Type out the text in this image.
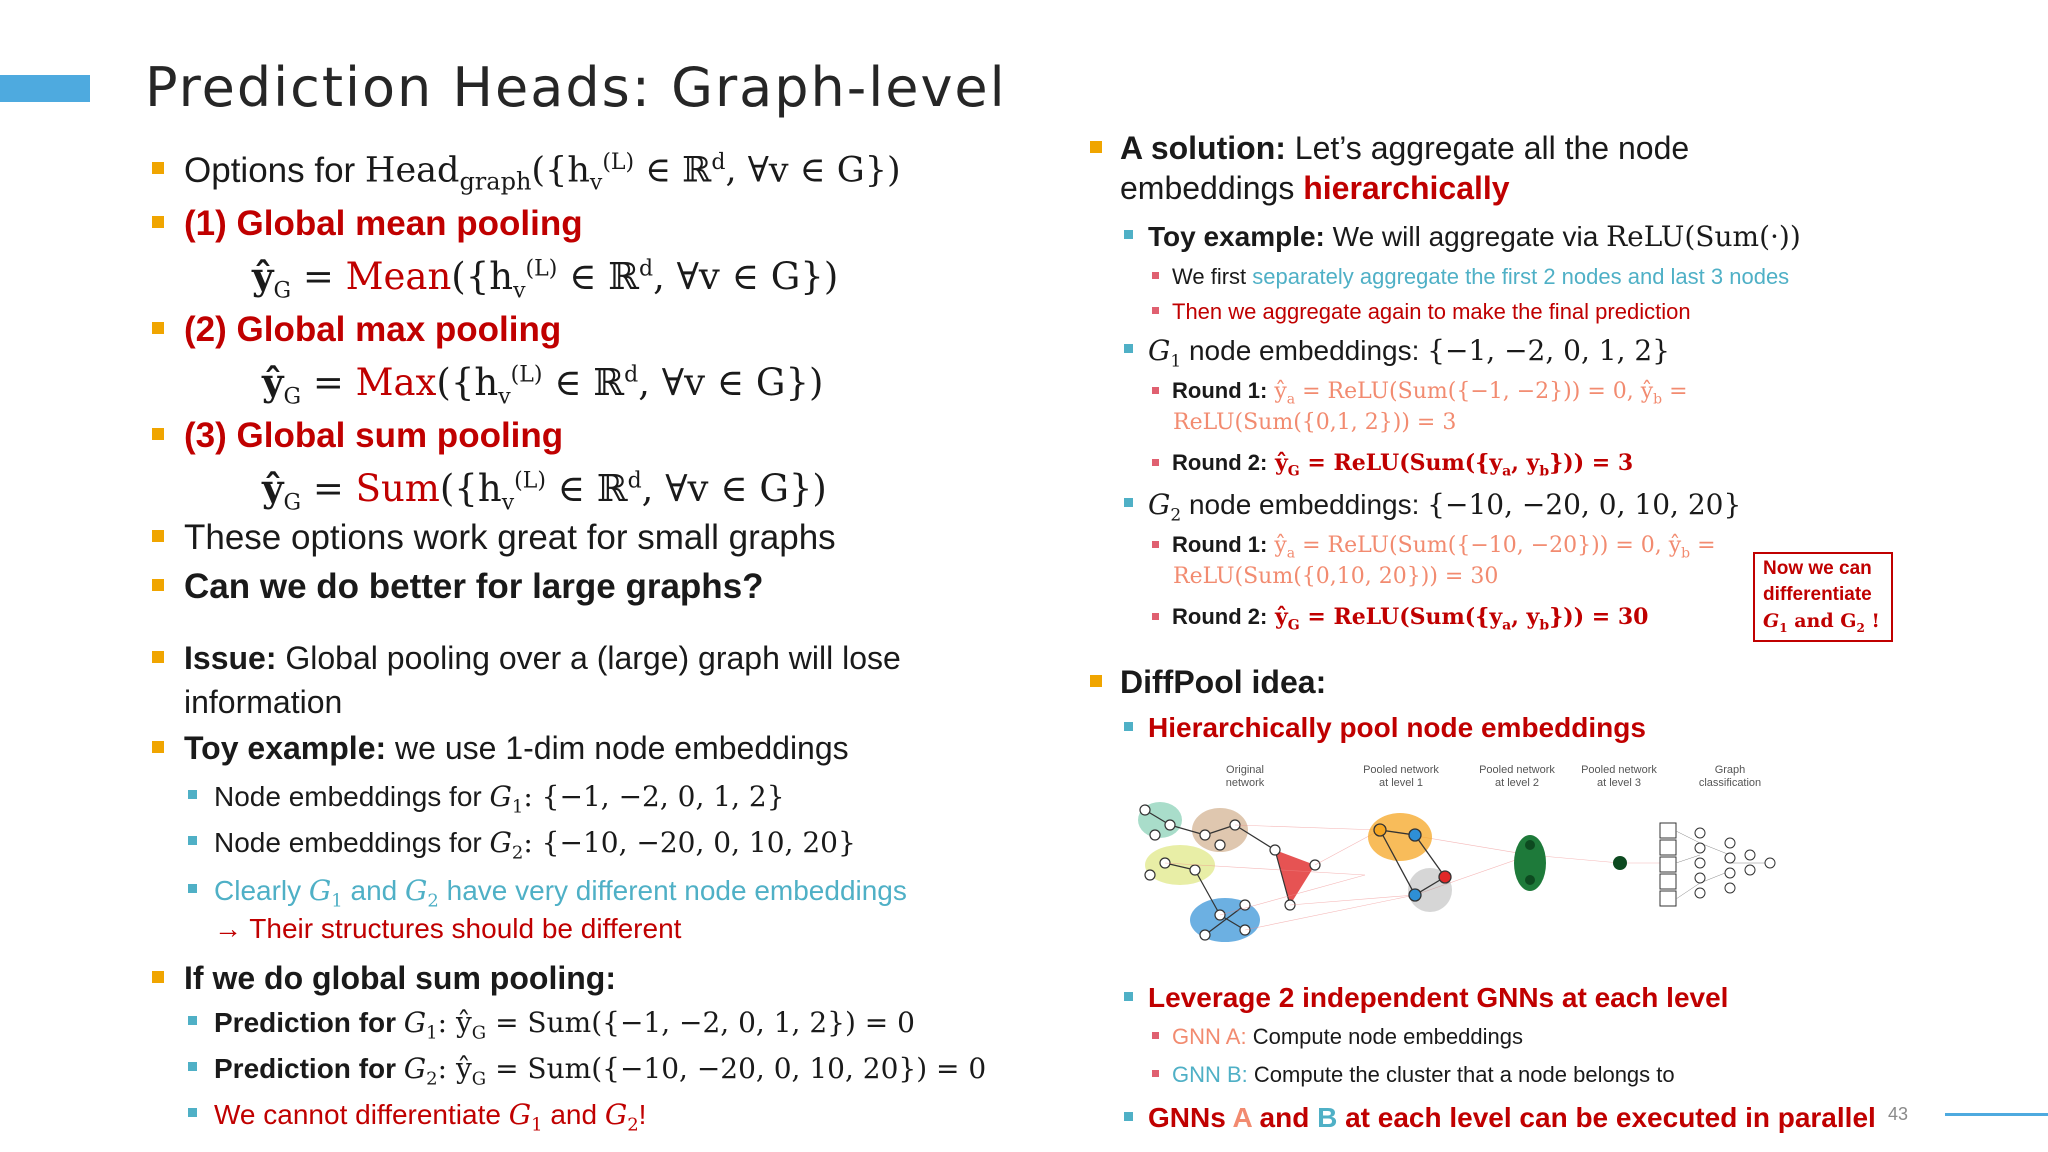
Prediction Heads: Graph-level
Options for $Head_{graph}(\{h_v^{(L)}$ ∈ ℝ$^d$, ∀v ∈ G})
(1) Global mean pooling
$ŷ_G$ = $Mean(\{h_v^{(L)}$ ∈ ℝ$^d$, ∀v ∈ G})
(2) Global max pooling
$ŷ_G = Max(\{h_v^{(L)}$ ∈ ℝ$^d$, ∀v ∈ G})
(3) Global sum pooling
$ŷ_G = Sum(\{h_v^{(L)}$ ∈ ℝ$^d$, ∀v ∈ G})
These options work great for small graphs
Can we do better for large graphs?
Issue: Global pooling over a (large) graph will lose
information
Toy example: we use 1-dim node embeddings
Node embeddings for $G_1$: {−1, −2, 0, 1, 2}
Node embeddings for $G_2$: {−10, −20, 0, 10, 20}
Clearly $G_1$ and $G_2$ have very different node embeddings
→ Their structures should be different
If we do global sum pooling:
Prediction for $G_1$: $ŷ_G = Sum(\{-1$, −2, 0, 1, 2}) = 0
Prediction for $G_2$: $ŷ_G = Sum(\{-10$, −20, 0, 10, 20}) = 0
We cannot differentiate $G_1$ and $G_2$!
A solution: Let’s aggregate all the node
embeddings hierarchically
Toy example: We will aggregate via ReLU(Sum(·))
We first separately aggregate the first 2 nodes and last 3 nodes
Then we aggregate again to make the final prediction
$G_1$ node embeddings: {−1, −2, 0, 1, 2}
Round 1: $ŷ_a$ = ReLU(Sum({−1, −2})) = 0, $ŷ_b$ =
ReLU(Sum({0,1, 2})) = 3
Round 2: $ŷ_G$ = $ReLU(Sum(\{y_a$, $y_b\})) = 3$
$G_2$ node embeddings: {−10, −20, 0, 10, 20}
Round 1: $ŷ_a$ = ReLU(Sum({−10, −20})) = 0, $ŷ_b$ =
ReLU(Sum({0,10, 20})) = 30
Round 2: $ŷ_G$ = $ReLU(Sum(\{y_a$, $y_b\})) = 30$
DiffPool idea:
Hierarchically pool node embeddings
Leverage 2 independent GNNs at each level
GNN A: Compute node embeddings
GNN B: Compute the cluster that a node belongs to
GNNs A and B at each level can be executed in parallel
Now we can
differentiate
$G_1$ and $G_2$ !
Original
network
Pooled network
at level 1
Pooled network
at level 2
Pooled network
at level 3
Graph
classification
43
